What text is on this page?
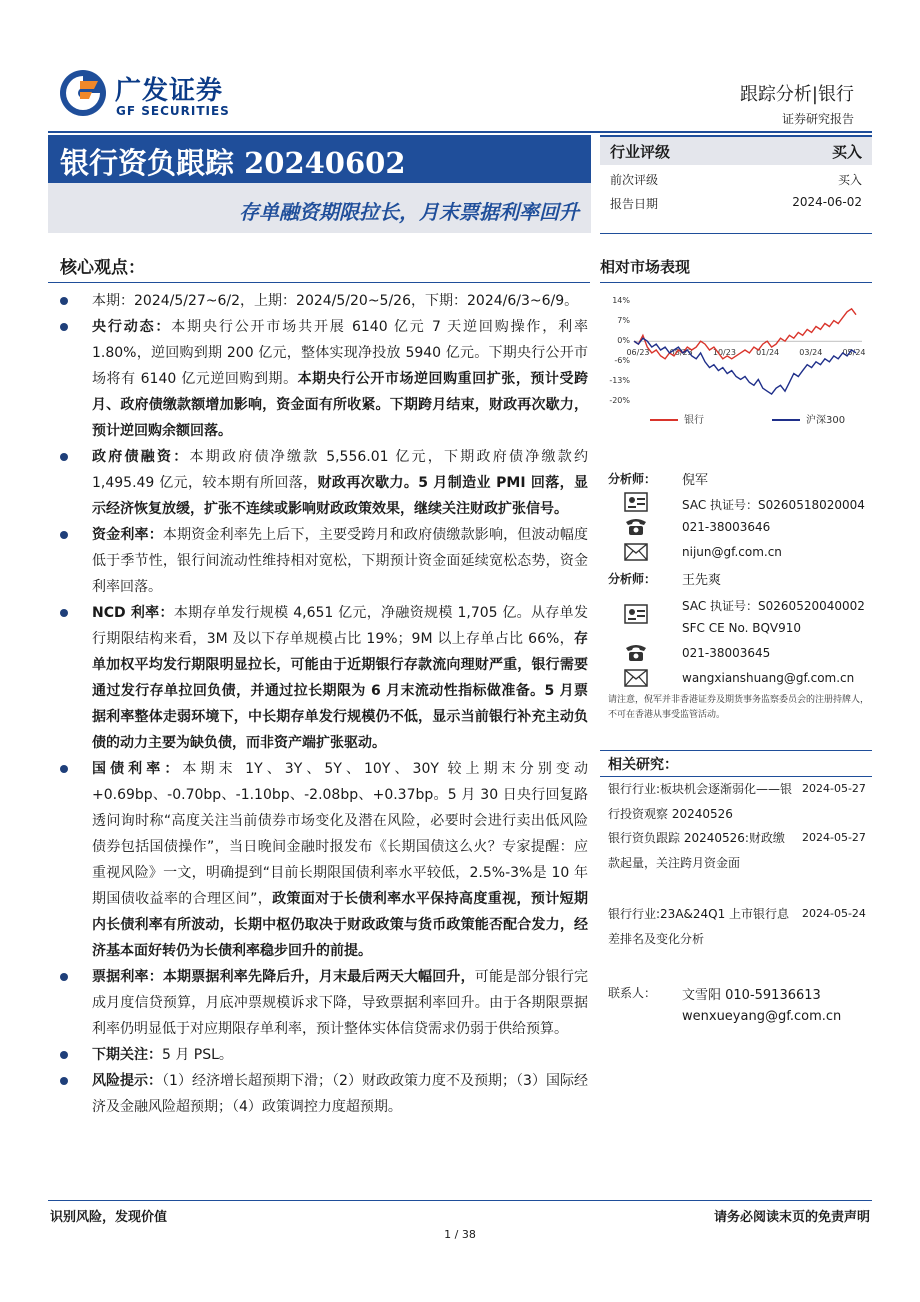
广发证券
GF SECURITIES
跟踪分析|银行
证券研究报告
银行资负跟踪 20240602
存单融资期限拉长，月末票据利率回升
行业评级	买入
前次评级	买入
报告日期	2024-06-02
核心观点：
本期：2024/5/27~6/2，上期：2024/5/20~5/26，下期：2024/6/3~6/9。
央行动态：本期央行公开市场共开展 6140 亿元 7 天逆回购操作，利率 1.80%，逆回购到期 200 亿元，整体实现净投放 5940 亿元。下期央行公开市场将有 6140 亿元逆回购到期。本期央行公开市场逆回购重回扩张，预计受跨月、政府债缴款额增加影响，资金面有所收紧。下期跨月结束，财政再次歇力，预计逆回购余额回落。
政府债融资：本期政府债净缴款 5,556.01 亿元，下期政府债净缴款约 1,495.49 亿元，较本期有所回落，财政再次歇力。5 月制造业 PMI 回落，显示经济恢复放缓，扩张不连续或影响财政政策效果，继续关注财政扩张信号。
资金利率：本期资金利率先上后下，主要受跨月和政府债缴款影响，但波动幅度低于季节性，银行间流动性维持相对宽松，下期预计资金面延续宽松态势，资金利率回落。
NCD 利率：本期存单发行规模 4,651 亿元，净融资规模 1,705 亿。从存单发行期限结构来看，3M 及以下存单规模占比 19%；9M 以上存单占比 66%，存单加权平均发行期限明显拉长，可能由于近期银行存款流向理财严重，银行需要通过发行存单拉回负债，并通过拉长期限为 6 月末流动性指标做准备。5 月票据利率整体走弱环境下，中长期存单发行规模仍不低，显示当前银行补充主动负债的动力主要为缺负债，而非资产端扩张驱动。
国债利率：本期末 1Y、3Y、5Y、10Y、30Y 较上期末分别变动+0.69bp、-0.70bp、-1.10bp、-2.08bp、+0.37bp。5 月 30 日央行回复路透问询时称“高度关注当前债券市场变化及潜在风险，必要时会进行卖出低风险债券包括国债操作”，当日晚间金融时报发布《长期国债这么火？专家提醒：应重视风险》一文，明确提到“目前长期限国债利率水平较低，2.5%-3%是 10 年期国债收益率的合理区间”，政策面对于长债利率水平保持高度重视，预计短期内长债利率有所波动，长期中枢仍取决于财政政策与货币政策能否配合发力，经济基本面好转仍为长债利率稳步回升的前提。
票据利率：本期票据利率先降后升，月末最后两天大幅回升，可能是部分银行完成月度信贷预算，月底冲票规模诉求下降，导致票据利率回升。由于各期限票据利率仍明显低于对应期限存单利率，预计整体实体信贷需求仍弱于供给预算。
下期关注：5 月 PSL。
风险提示：（1）经济增长超预期下滑；（2）财政政策力度不及预期；（3）国际经济及金融风险超预期；（4）政策调控力度超预期。
相对市场表现
14%
7%
0%
-6%
-13%
-20%
06/23	08/23	10/23	01/24	03/24	05/24
银行	沪深300
分析师： 倪军
SAC 执证号：S0260518020004
021-38003646
nijun@gf.com.cn
分析师： 王先爽
SAC 执证号：S0260520040002
SFC CE No. BQV910
021-38003645
wangxianshuang@gf.com.cn
请注意，倪军并非香港证券及期货事务监察委员会的注册持牌人，不可在香港从事受监管活动。
相关研究：
银行行业:板块机会逐渐弱化——银行投资观察 20240526
2024-05-27
银行资负跟踪 20240526:财政缴款起量，关注跨月资金面
2024-05-27
银行行业:23A&24Q1 上市银行息差排名及变化分析
2024-05-24
联系人： 文雪阳 010-59136613
wenxueyang@gf.com.cn
识别风险，发现价值	请务必阅读末页的免责声明
1 / 38
